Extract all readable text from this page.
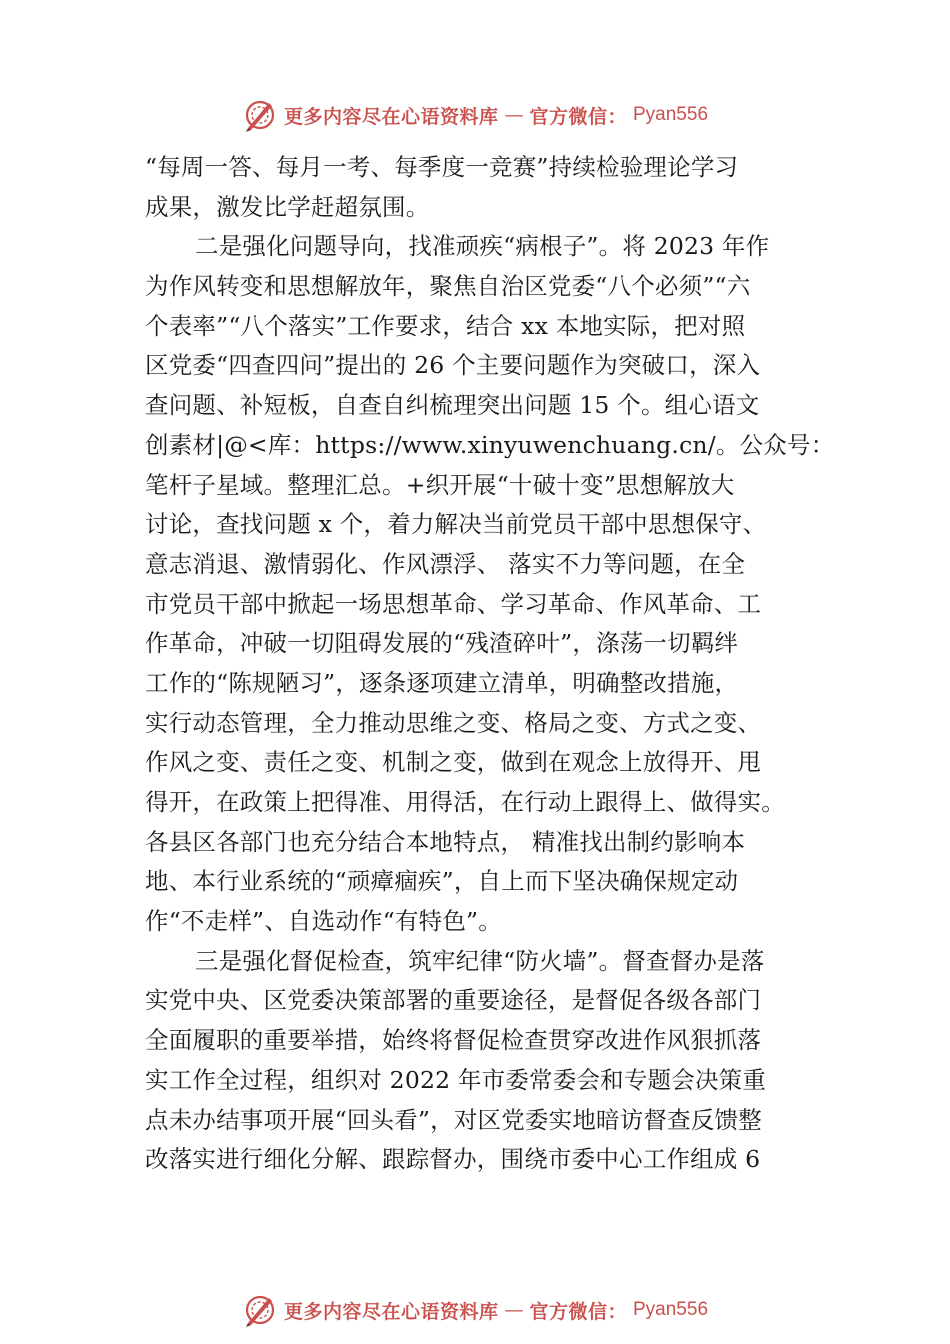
更多内容尽在心语资料库 — 官方微信： Pyan556
“每周一答、每月一考、每季度一竞赛”持续检验理论学习
成果，激发比学赶超氛围。
二是强化问题导向，找准顽疾“病根子”。将 2023 年作
为作风转变和思想解放年，聚焦自治区党委“八个必须”“六
个表率”“八个落实”工作要求，结合 xx 本地实际，把对照
区党委“四查四问”提出的 26 个主要问题作为突破口，深入
查问题、补短板，自查自纠梳理突出问题 15 个。组心语文
创素材|@<库：https://www.xinyuwenchuang.cn/。公众号：
笔杆子星域。整理汇总。+织开展“十破十变”思想解放大
讨论，查找问题 x 个，着力解决当前党员干部中思想保守、
意志消退、激情弱化、作风漂浮、 落实不力等问题，在全
市党员干部中掀起一场思想革命、学习革命、作风革命、工
作革命，冲破一切阻碍发展的“残渣碎叶”，涤荡一切羁绊
工作的“陈规陋习”，逐条逐项建立清单，明确整改措施，
实行动态管理，全力推动思维之变、格局之变、方式之变、
作风之变、责任之变、机制之变，做到在观念上放得开、甩
得开，在政策上把得准、用得活，在行动上跟得上、做得实。
各县区各部门也充分结合本地特点， 精准找出制约影响本
地、本行业系统的“顽瘴痼疾”，自上而下坚决确保规定动
作“不走样”、自选动作“有特色”。
三是强化督促检查，筑牢纪律“防火墙”。督查督办是落
实党中央、区党委决策部署的重要途径，是督促各级各部门
全面履职的重要举措，始终将督促检查贯穿改进作风狠抓落
实工作全过程，组织对 2022 年市委常委会和专题会决策重
点未办结事项开展“回头看”，对区党委实地暗访督查反馈整
改落实进行细化分解、跟踪督办，围绕市委中心工作组成 6
更多内容尽在心语资料库 — 官方微信： Pyan556
